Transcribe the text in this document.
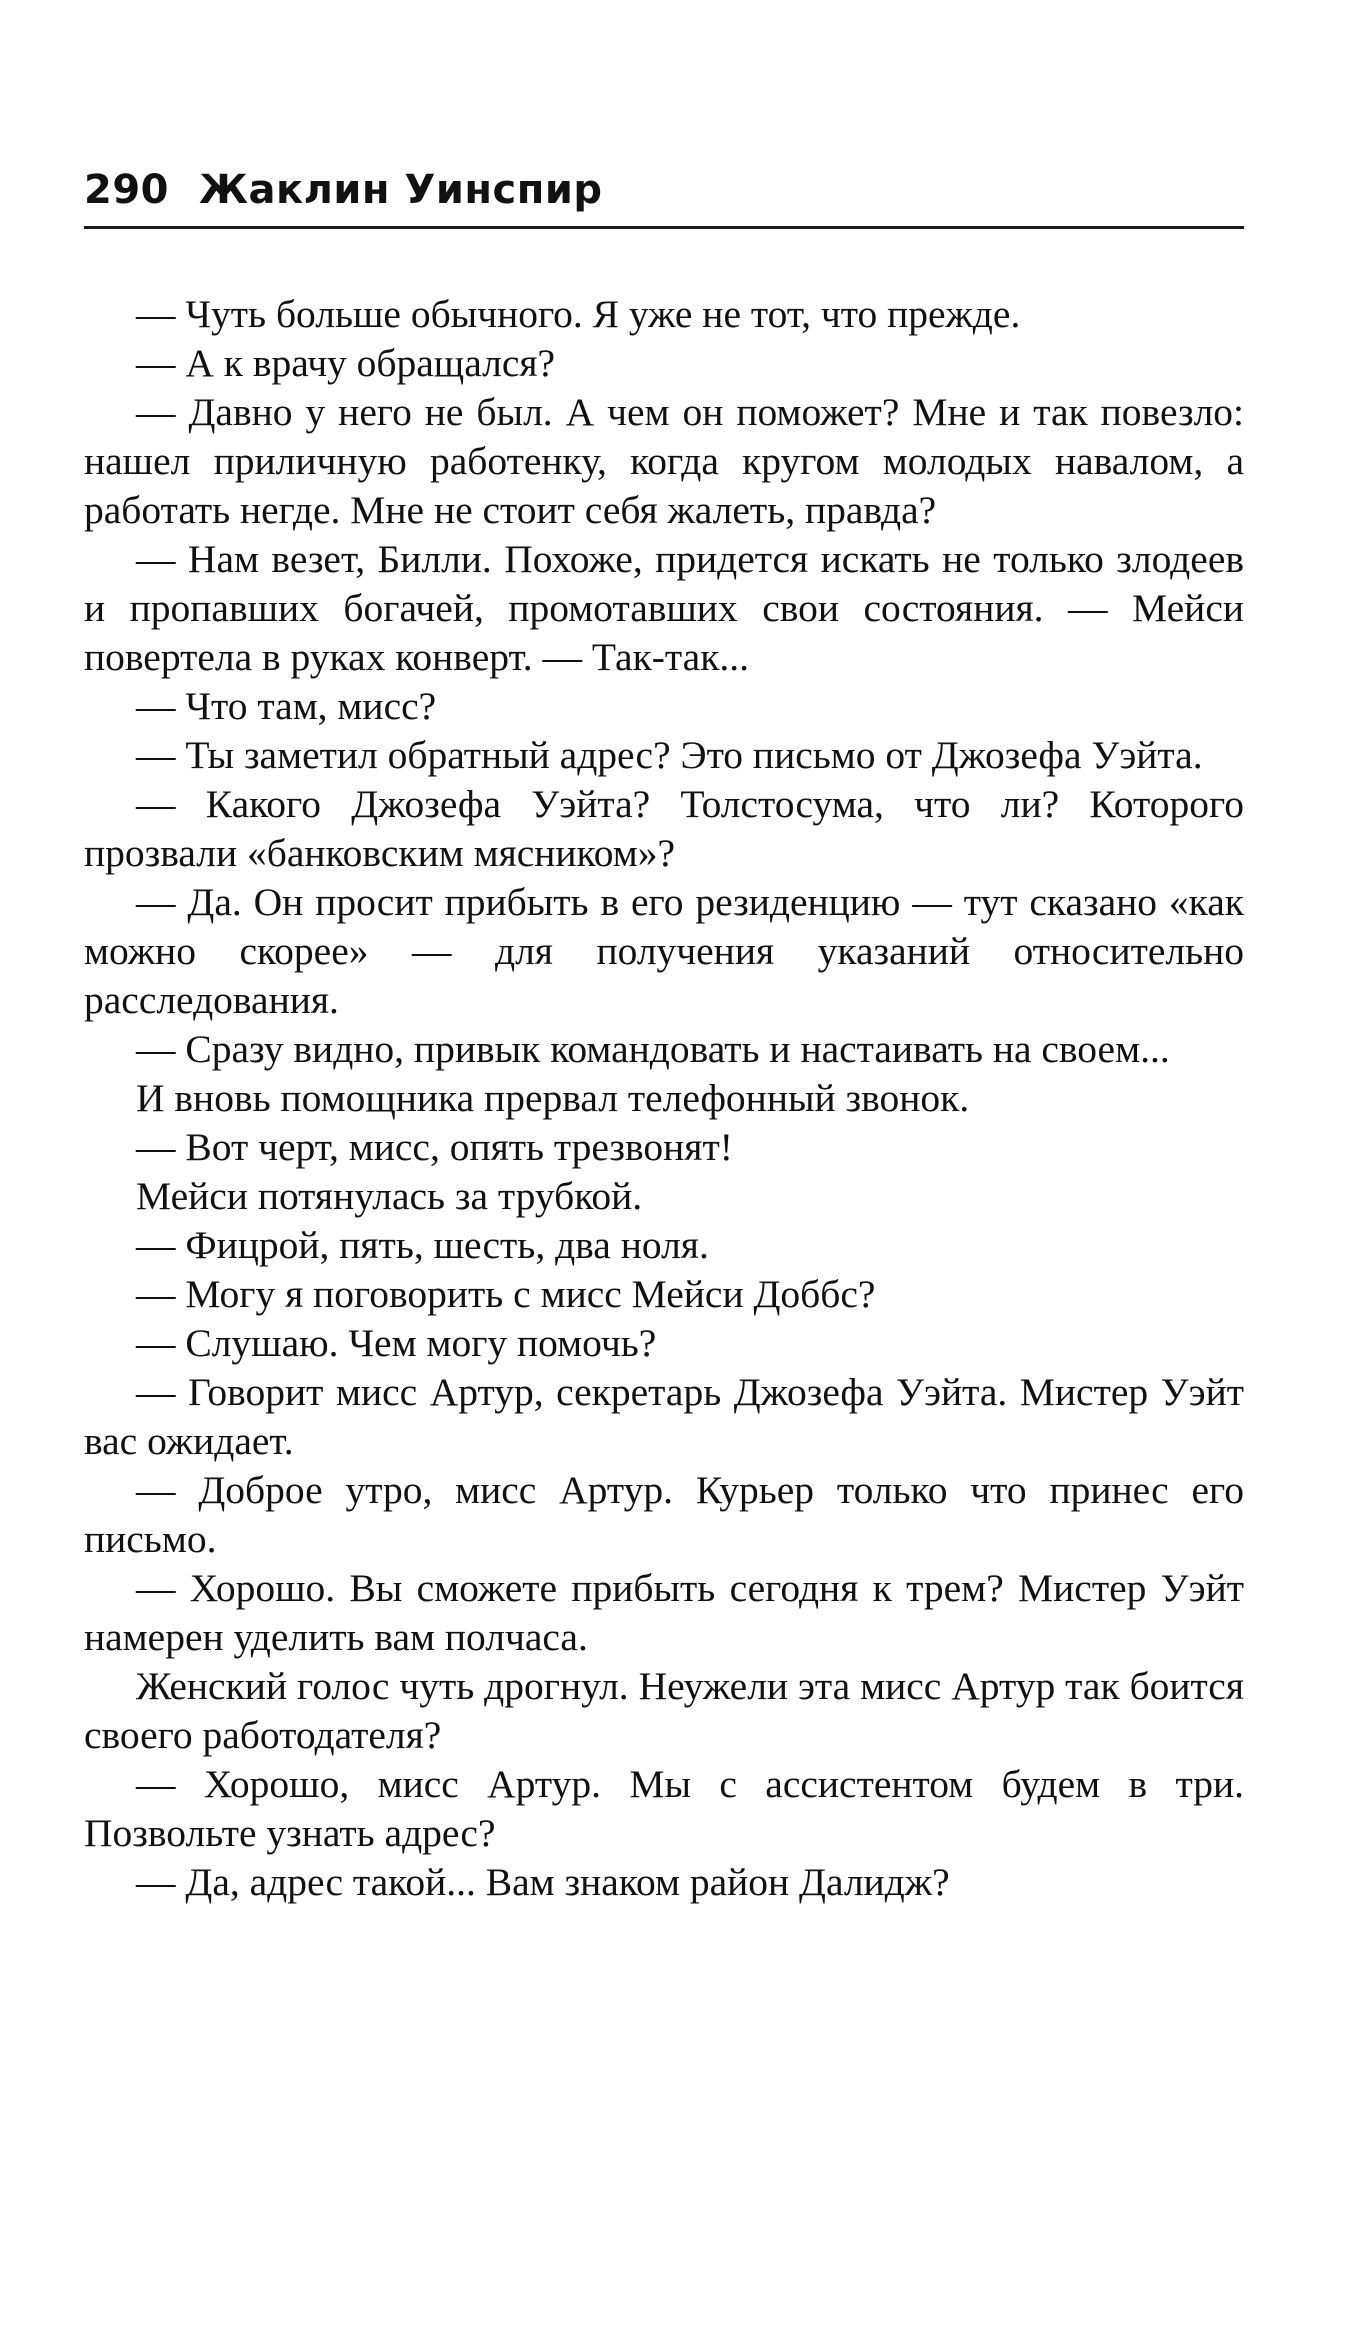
290 Жаклин Уинспир

— Чуть больше обычного. Я уже не тот, что прежде.

— А к врачу обращался?

— Давно у него не был. А чем он поможет? Мне и так повезло: нашел приличную работенку, когда кругом молодых навалом, а работать негде. Мне не стоит себя жалеть, правда?

— Нам везет, Билли. Похоже, придется искать не только злодеев и пропавших богачей, промотавших свои состояния. — Мейси повертела в руках конверт. — Так-так...

— Что там, мисс?

— Ты заметил обратный адрес? Это письмо от Джозефа Уэйта.

— Какого Джозефа Уэйта? Толстосума, что ли? Которого прозвали «банковским мясником»?

— Да. Он просит прибыть в его резиденцию — тут сказано «как можно скорее» — для получения указаний относительно расследования.

— Сразу видно, привык командовать и настаивать на своем...

И вновь помощника прервал телефонный звонок.

— Вот черт, мисс, опять трезвонят!

Мейси потянулась за трубкой.

— Фицрой, пять, шесть, два ноля.

— Могу я поговорить с мисс Мейси Доббс?

— Слушаю. Чем могу помочь?

— Говорит мисс Артур, секретарь Джозефа Уэйта. Мистер Уэйт вас ожидает.

— Доброе утро, мисс Артур. Курьер только что принес его письмо.

— Хорошо. Вы сможете прибыть сегодня к трем? Мистер Уэйт намерен уделить вам полчаса.

Женский голос чуть дрогнул. Неужели эта мисс Артур так боится своего работодателя?

— Хорошо, мисс Артур. Мы с ассистентом будем в три. Позвольте узнать адрес?

— Да, адрес такой... Вам знаком район Далидж?
